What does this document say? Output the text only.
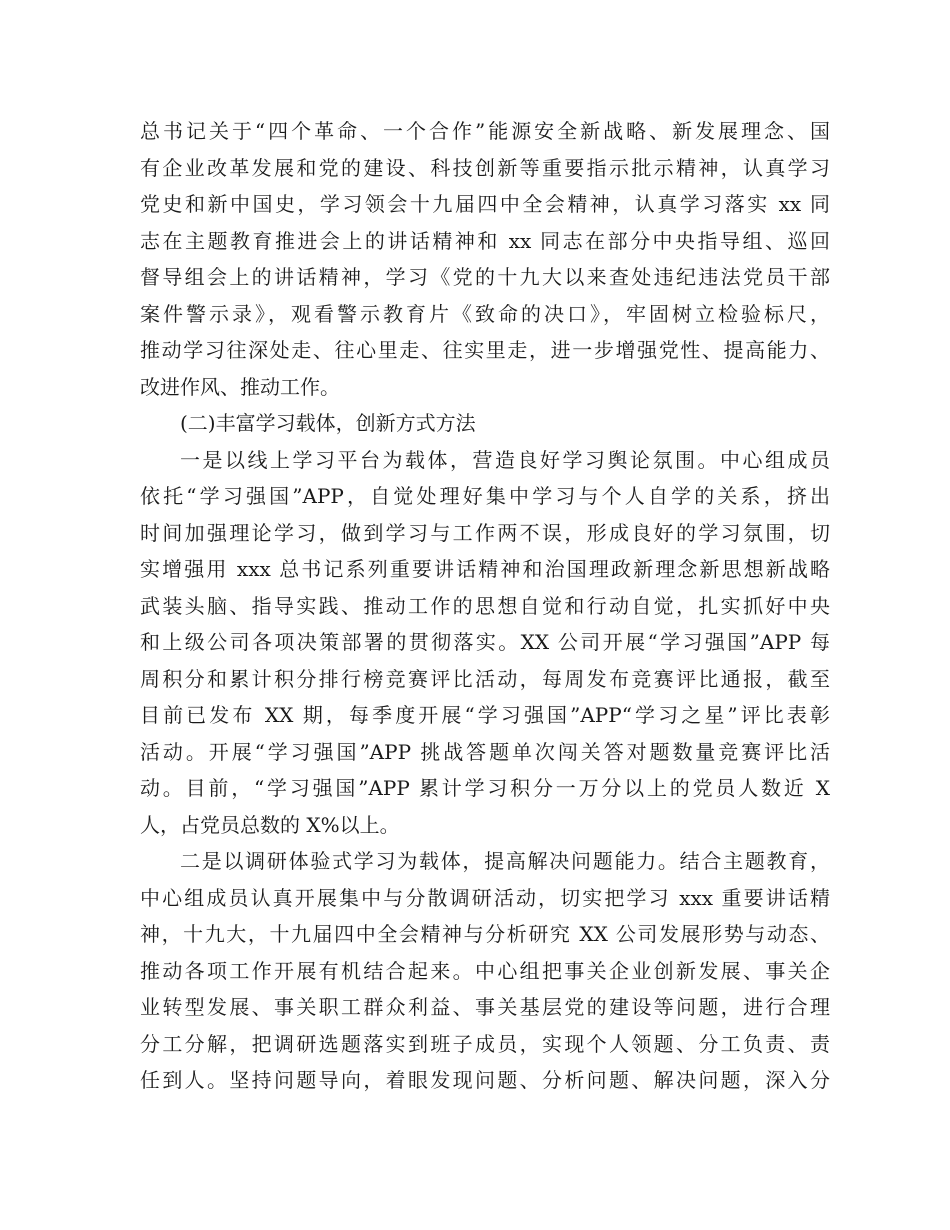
总书记关于“四个革命、一个合作”能源安全新战略、新发展理念、国
有企业改革发展和党的建设、科技创新等重要指示批示精神，认真学习
党史和新中国史，学习领会十九届四中全会精神，认真学习落实 xx 同
志在主题教育推进会上的讲话精神和 xx 同志在部分中央指导组、巡回
督导组会上的讲话精神，学习《党的十九大以来查处违纪违法党员干部
案件警示录》，观看警示教育片《致命的决口》，牢固树立检验标尺，
推动学习往深处走、往心里走、往实里走，进一步增强党性、提高能力、
改进作风、推动工作。
(二)丰富学习载体，创新方式方法
一是以线上学习平台为载体，营造良好学习舆论氛围。中心组成员
依托“学习强国”APP，自觉处理好集中学习与个人自学的关系，挤出
时间加强理论学习，做到学习与工作两不误，形成良好的学习氛围，切
实增强用 xxx 总书记系列重要讲话精神和治国理政新理念新思想新战略
武装头脑、指导实践、推动工作的思想自觉和行动自觉，扎实抓好中央
和上级公司各项决策部署的贯彻落实。XX 公司开展“学习强国”APP 每
周积分和累计积分排行榜竞赛评比活动，每周发布竞赛评比通报，截至
目前已发布 XX 期，每季度开展“学习强国”APP“学习之星”评比表彰
活动。开展“学习强国”APP 挑战答题单次闯关答对题数量竞赛评比活
动。目前，“学习强国”APP 累计学习积分一万分以上的党员人数近 X
人，占党员总数的 X%以上。
二是以调研体验式学习为载体，提高解决问题能力。结合主题教育，
中心组成员认真开展集中与分散调研活动，切实把学习 xxx 重要讲话精
神，十九大，十九届四中全会精神与分析研究 XX 公司发展形势与动态、
推动各项工作开展有机结合起来。中心组把事关企业创新发展、事关企
业转型发展、事关职工群众利益、事关基层党的建设等问题，进行合理
分工分解，把调研选题落实到班子成员，实现个人领题、分工负责、责
任到人。坚持问题导向，着眼发现问题、分析问题、解决问题，深入分
